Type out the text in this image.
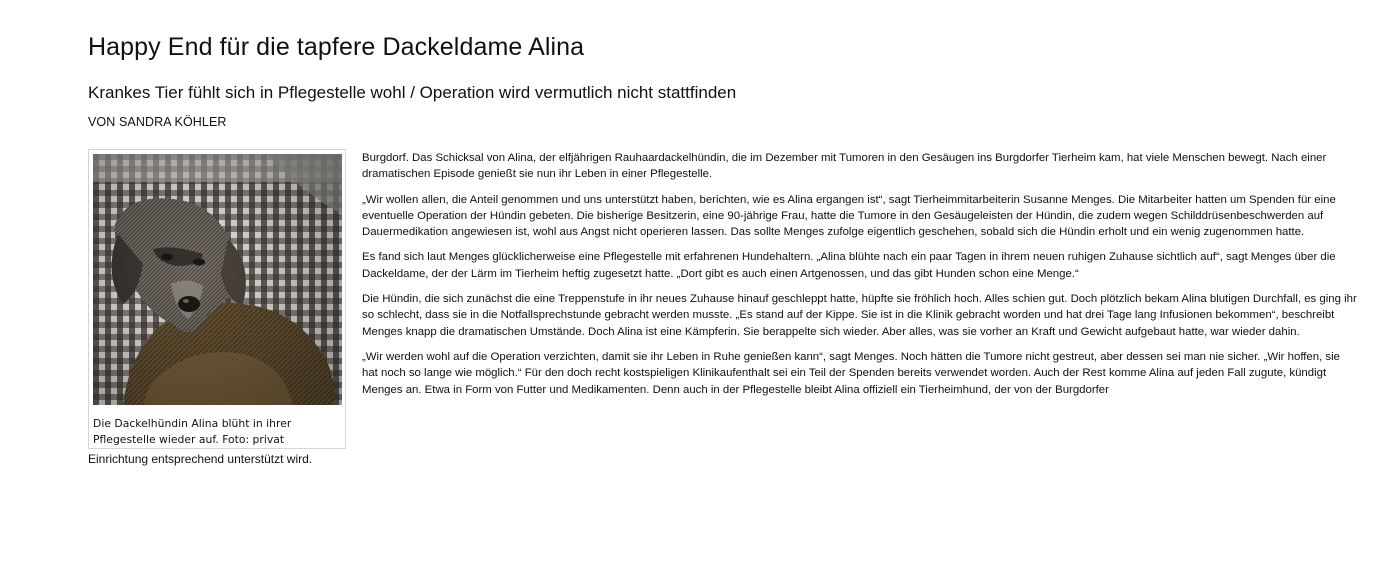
Happy End für die tapfere Dackeldame Alina
Krankes Tier fühlt sich in Pflegestelle wohl / Operation wird vermutlich nicht stattfinden
VON SANDRA KÖHLER

Die Dackelhündin Alina blüht in ihrer Pflegestelle wieder auf. Foto: privat

Einrichtung entsprechend unterstützt wird.

Burgdorf. Das Schicksal von Alina, der elfjährigen Rauhaardackelhündin, die im Dezember mit Tumoren in den Gesäugen ins Burgdorfer Tierheim kam, hat viele Menschen bewegt. Nach einer dramatischen Episode genießt sie nun ihr Leben in einer Pflegestelle.

„Wir wollen allen, die Anteil genommen und uns unterstützt haben, berichten, wie es Alina ergangen ist“, sagt Tierheimmitarbeiterin Susanne Menges. Die Mitarbeiter hatten um Spenden für eine eventuelle Operation der Hündin gebeten. Die bisherige Besitzerin, eine 90-jährige Frau, hatte die Tumore in den Gesäugeleisten der Hündin, die zudem wegen Schilddrüsenbeschwerden auf Dauermedikation angewiesen ist, wohl aus Angst nicht operieren lassen. Das sollte Menges zufolge eigentlich geschehen, sobald sich die Hündin erholt und ein wenig zugenommen hatte.

Es fand sich laut Menges glücklicherweise eine Pflegestelle mit erfahrenen Hundehaltern. „Alina blühte nach ein paar Tagen in ihrem neuen ruhigen Zuhause sichtlich auf“, sagt Menges über die Dackeldame, der der Lärm im Tierheim heftig zugesetzt hatte. „Dort gibt es auch einen Artgenossen, und das gibt Hunden schon eine Menge.“

Die Hündin, die sich zunächst die eine Treppenstufe in ihr neues Zuhause hinauf geschleppt hatte, hüpfte sie fröhlich hoch. Alles schien gut. Doch plötzlich bekam Alina blutigen Durchfall, es ging ihr so schlecht, dass sie in die Notfallsprechstunde gebracht werden musste. „Es stand auf der Kippe. Sie ist in die Klinik gebracht worden und hat drei Tage lang Infusionen bekommen“, beschreibt Menges knapp die dramatischen Umstände. Doch Alina ist eine Kämpferin. Sie berappelte sich wieder. Aber alles, was sie vorher an Kraft und Gewicht aufgebaut hatte, war wieder dahin.

„Wir werden wohl auf die Operation verzichten, damit sie ihr Leben in Ruhe genießen kann“, sagt Menges. Noch hätten die Tumore nicht gestreut, aber dessen sei man nie sicher. „Wir hoffen, sie hat noch so lange wie möglich.“ Für den doch recht kostspieligen Klinikaufenthalt sei ein Teil der Spenden bereits verwendet worden. Auch der Rest komme Alina auf jeden Fall zugute, kündigt Menges an. Etwa in Form von Futter und Medikamenten. Denn auch in der Pflegestelle bleibt Alina offiziell ein Tierheimhund, der von der Burgdorfer
